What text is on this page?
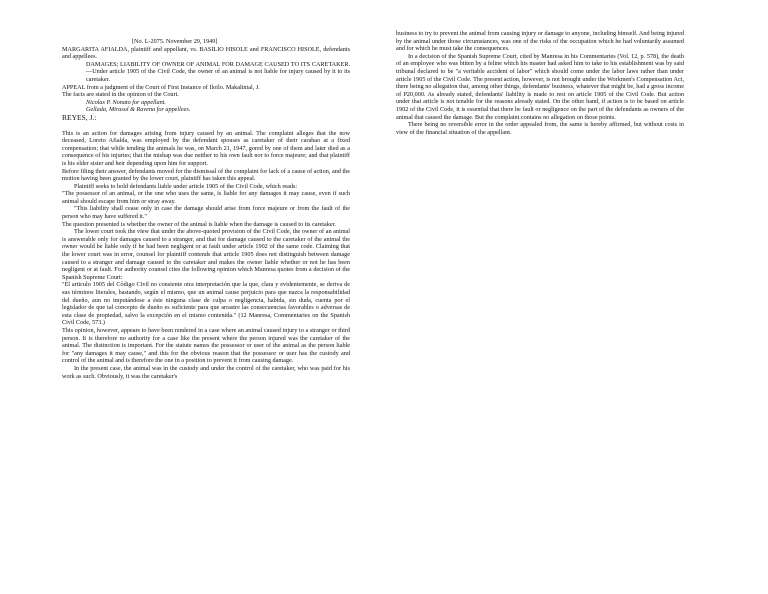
[No. L-2075. November 29, 1949]

MARGARITA AFIALDA, plaintiff and appellant, vs. BASILIO HISOLE and FRANCISCO HISOLE, defendants and appellees.

DAMAGES; LIABILITY OF OWNER OF ANIMAL FOR DAMAGE CAUSED TO ITS CARETAKER.—Under article 1905 of the Civil Code, the owner of an animal is not liable for injury caused by it to its caretaker.

APPEAL from a judgment of the Court of First Instance of Iloilo. Makalintal, J.

The facts are stated in the opinion of the Court.

Nicolas P. Nonato for appellant.

Gellada, Mirasol & Ravena for appellees.

REYES, J.:

This is an action for damages arising from injury caused by an animal. The complaint alleges that the now deceased, Loreto Afialda, was employed by the defendant spouses as caretaker of their carabao at a fixed compensation; that while tending the animals he was, on March 21, 1947, gored by one of them and later died as a consequence of his injuries; that the mishap was due neither to his own fault nor to force majeure; and that plaintiff is his elder sister and heir depending upon him for support.

Before filing their answer, defendants moved for the dismissal of the complaint for lack of a cause of action, and the motion having been granted by the lower court, plaintiff has taken this appeal.

Plaintiff seeks to hold defendants liable under article 1905 of the Civil Code, which reads:

"The possessor of an animal, or the one who uses the same, is liable for any damages it may cause, even if such animal should escape from him or stray away.

"This liability shall cease only in case the damage should arise from force majeure or from the fault of the person who may have suffered it."

The question presented is whether the owner of the animal is liable when the damage is caused to its caretaker.

The lower court took the view that under the above-quoted provision of the Civil Code, the owner of an animal is answerable only for damages caused to a stranger, and that for damage caused to the caretaker of the animal the owner would be liable only if he had been negligent or at fault under article 1902 of the same code. Claiming that the lower court was in error, counsel for plaintiff contends that article 1905 does not distinguish between damage caused to a stranger and damage caused to the caretaker and makes the owner liable whether or not he has been negligent or at fault. For authority counsel cites the following opinion which Manresa quotes from a decision of the Spanish Supreme Court:

"El articulo 1905 del Código Civil no consiente otra interpretación que la que, clara y evidentemente, se deriva de sus términos literales, bastando, según el mismo, que un animal cause perjuicio para que nazca la responsabilidad del dueño, aun no imputándose a éste ninguna clase de culpa o negligencia, habida, sin duda, cuenta por el legislador de que tal concepto de dueño es suficiente para que arrastre las consecuencias favorables o adversas de esta clase de propiedad, salvo la excepción en el mismo contenida." (12 Manresa, Commentaries on the Spanish Civil Code, 573.)

This opinion, however, appears to have been rendered in a case where an animal caused injury to a stranger or third person. It is therefore no authority for a case like the present where the person injured was the caretaker of the animal. The distinction is important. For the statute names the possessor or user of the animal as the person liable for "any damages it may cause," and this for the obvious reason that the possessor or user has the custody and control of the animal and is therefore the one in a position to prevent it from causing damage.

In the present case, the animal was in the custody and under the control of the caretaker, who was paid for his work as such. Obviously, it was the caretaker's

business to try to prevent the animal from causing injury or damage to anyone, including himself. And being injured by the animal under those circumstances, was one of the risks of the occupation which he had voluntarily assumed and for which he must take the consequences.

In a decision of the Spanish Supreme Court, cited by Manresa in his Commentaries (Vol. 12, p. 578), the death of an employee who was bitten by a feline which his master had asked him to take to his establishment was by said tribunal declared to be "a veritable accident of labor" which should come under the labor laws rather than under article 1905 of the Civil Code. The present action, however, is not brought under the Workmen's Compensation Act, there being no allegation that, among other things, defendants' business, whatever that might be, had a gross income of P20,000. As already stated, defendants' liability is made to rest on article 1905 of the Civil Code. But action under that article is not tenable for the reasons already stated. On the other hand, if action is to be based on article 1902 of the Civil Code, it is essential that there be fault or negligence on the part of the defendants as owners of the animal that caused the damage. But the complaint contains no allegation on those points.

There being no reversible error in the order appealed from, the same is hereby affirmed, but without costs in view of the financial situation of the appellant.
